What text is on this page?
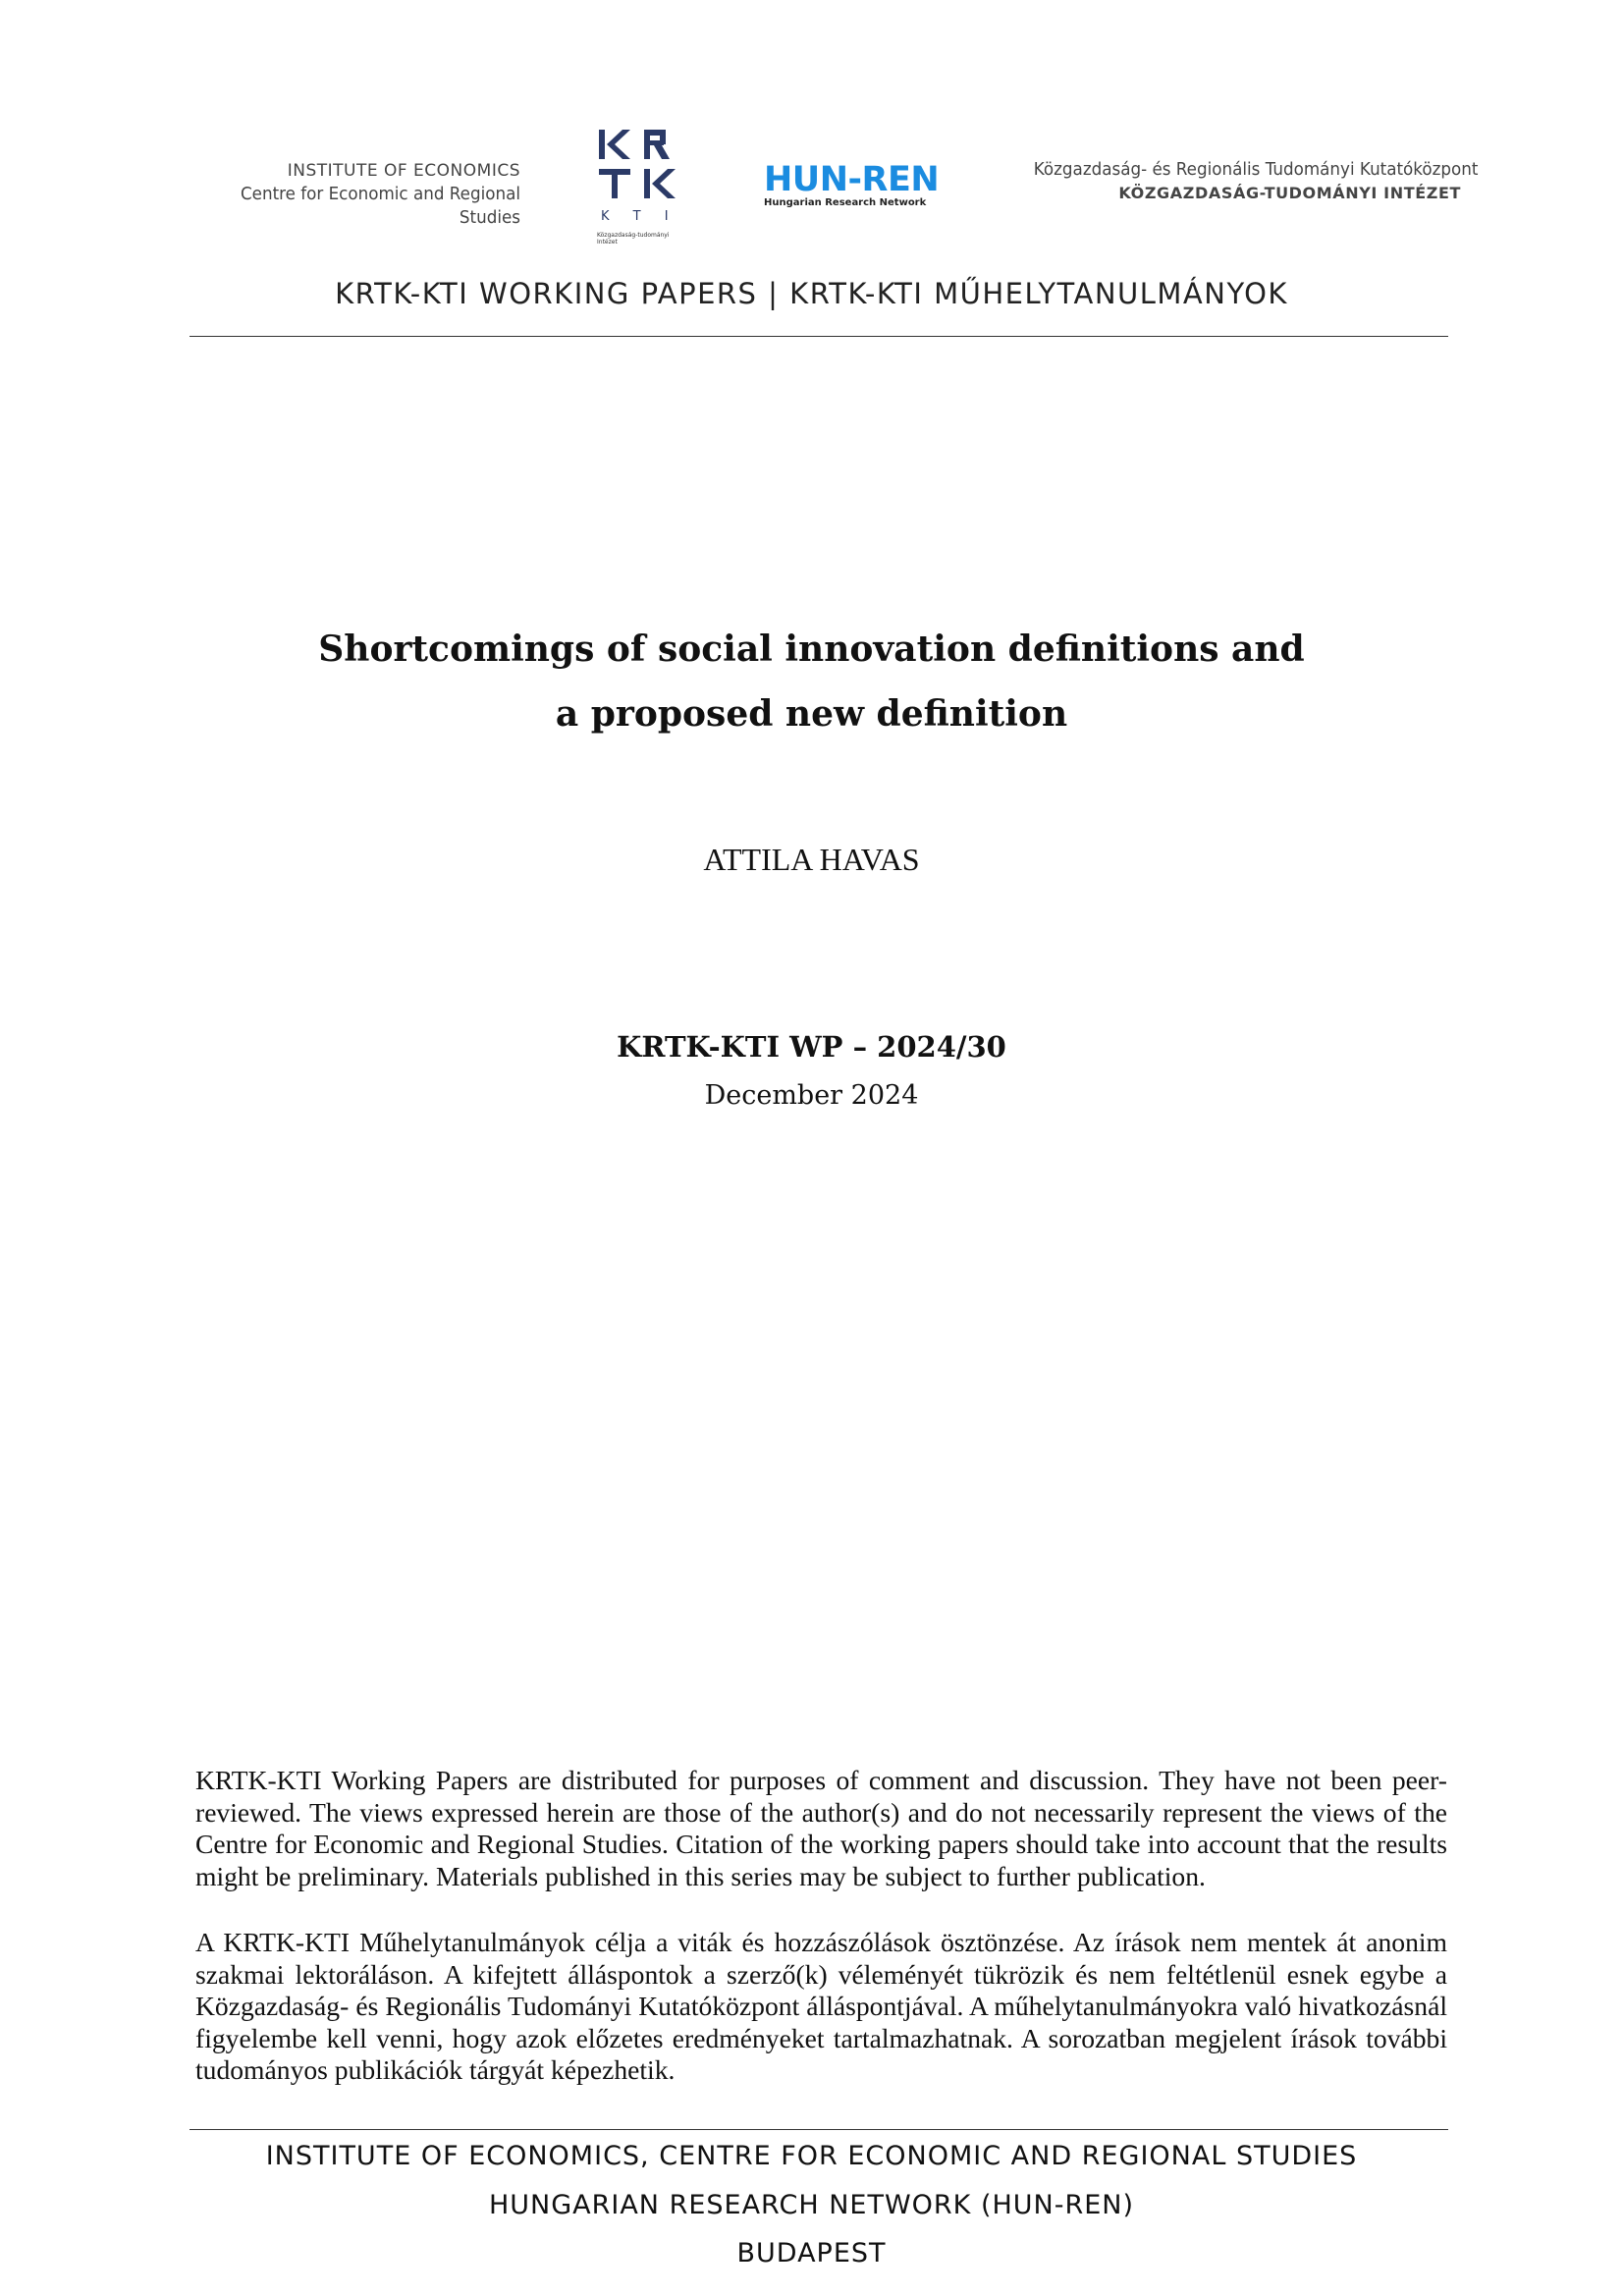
INSTITUTE OF ECONOMICS
Centre for Economic and Regional Studies	K T I
Közgazdaság-tudományi Intézet
HUN-REN
Hungarian Research Network
Közgazdaság- és Regionális Tudományi Kutatóközpont
KÖZGAZDASÁG-TUDOMÁNYI INTÉZET
KRTK-KTI WORKING PAPERS | KRTK-KTI MŰHELYTANULMÁNYOK
Shortcomings of social innovation definitions and
a proposed new definition
ATTILA HAVAS
KRTK-KTI WP – 2024/30
December 2024
KRTK-KTI Working Papers are distributed for purposes of comment and discussion. They have not been peer-reviewed. The views expressed herein are those of the author(s) and do not necessarily represent the views of the Centre for Economic and Regional Studies. Citation of the working papers should take into account that the results might be preliminary. Materials published in this series may be subject to further publication.
A KRTK-KTI Műhelytanulmányok célja a viták és hozzászólások ösztönzése. Az írások nem mentek át anonim szakmai lektoráláson. A kifejtett álláspontok a szerző(k) véleményét tükrözik és nem feltétlenül esnek egybe a Közgazdaság- és Regionális Tudományi Kutatóközpont álláspontjával. A műhelytanulmányokra való hivatkozásnál figyelembe kell venni, hogy azok előzetes eredményeket tartalmazhatnak. A sorozatban megjelent írások további tudományos publikációk tárgyát képezhetik.
INSTITUTE OF ECONOMICS, CENTRE FOR ECONOMIC AND REGIONAL STUDIES
HUNGARIAN RESEARCH NETWORK (HUN-REN)
BUDAPEST
